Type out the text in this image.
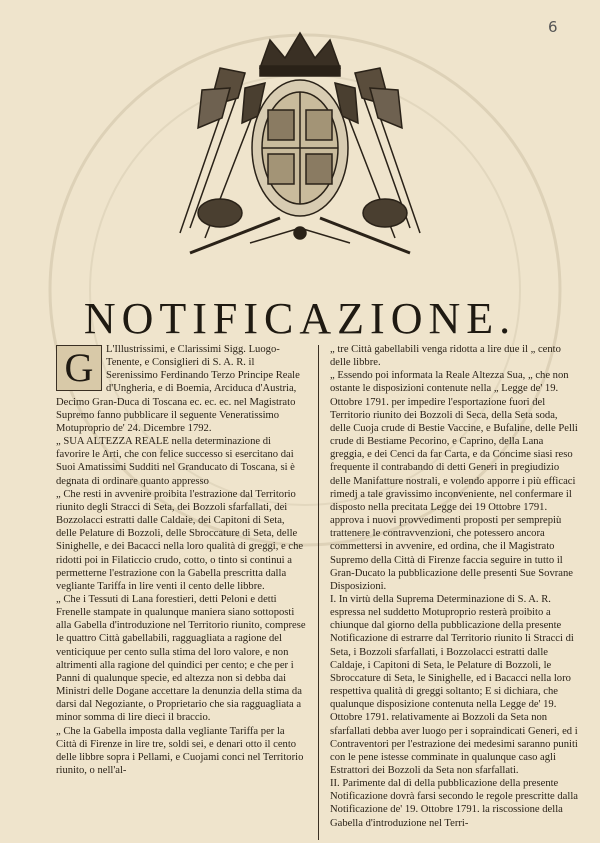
6
NOTIFICAZIONE.

G	L'Illustrissimi, e Clarissimi Sigg. Luogo-Tenente, e Consiglieri di S. A. R. il Serenissimo Ferdinando Terzo Principe Reale d'Ungheria, e di Boemia, Arciduca d'Austria, Decimo Gran-Duca di Toscana ec. ec. ec. nel Magistrato Supremo fanno pubblicare il seguente Veneratissimo Motuproprio de' 24. Dicembre 1792.

„ SUA ALTEZZA REALE nella determinazione di favorire le Arti, che con felice successo si esercitano dai Suoi Amatissimi Sudditi nel Granducato di Toscana, si è degnata di ordinare quanto appresso

„ Che resti in avvenire proibita l'estrazione dal Territorio riunito degli Stracci di Seta, dei Bozzoli sfarfallati, dei Bozzolacci estratti dalle Caldaie, dei Capitoni di Seta, delle Pelature di Bozzoli, delle Sbroccature di Seta, delle Sinighelle, e dei Bacacci nella loro qualità di greggi, e che ridotti poi in Filaticcio crudo, cotto, o tinto si continui a permetterne l'estrazione con la Gabella prescritta dalla vegliante Tariffa in lire venti il cento delle libbre.

„ Che i Tessuti di Lana forestieri, detti Peloni e detti Frenelle stampate in qualunque maniera siano sottoposti alla Gabella d'introduzione nel Territorio riunito, comprese le quattro Città gabellabili, ragguagliata a ragione del venticiquue per cento sulla stima del loro valore, e non altrimenti alla ragione del quindici per cento; e che per i Panni di qualunque specie, ed altezza non si debba dai Ministri delle Dogane accettare la denunzia della stima da darsi dal Negoziante, o Proprietario che sia ragguagliata a minor somma di lire dieci il braccio.

„ Che la Gabella imposta dalla vegliante Tariffa per la Città di Firenze in lire tre, soldi sei, e denari otto il cento delle libbre sopra i Pellami, e Cuojami conci nel Territorio riunito, o nell'al-

„ tre Città gabellabili venga ridotta a lire due il „ cento delle libbre.

„ Essendo poi informata la Reale Altezza Sua, „ che non ostante le disposizioni contenute nella „ Legge de' 19. Ottobre 1791. per impedire l'esportazione fuori del Territorio riunito dei Bozzoli di Seca, della Seta soda, delle Cuoja crude di Bestie Vaccine, e Bufaline, delle Pelli crude di Bestiame Pecorino, e Caprino, della Lana greggia, e dei Cenci da far Carta, e da Concime siasi reso frequente il contrabando di detti Generi in pregiudizio delle Manifatture nostrali, e volendo apporre i più efficaci rimedj a tale gravissimo inconveniente, nel confermare il disposto nella precitata Legge dei 19 Ottobre 1791. approva i nuovi provvedimenti proposti per semprepiù trattenere le contravvenzioni, che potessero ancora commettersi in avvenire, ed ordina, che il Magistrato Supremo della Città di Firenze faccia seguire in tutto il Gran-Ducato la pubblicazione delle presenti Sue Sovrane Disposizioni.

I. In virtù della Suprema Determinazione di S. A. R. espressa nel suddetto Motuproprio resterà proibito a chiunque dal giorno della pubblicazione della presente Notificazione di estrarre dal Territorio riunito li Stracci di Seta, i Bozzoli sfarfallati, i Bozzolacci estratti dalle Caldaje, i Capitoni di Seta, le Pelature di Bozzoli, le Sbroccature di Seta, le Sinighelle, ed i Bacacci nella loro respettiva qualità di greggi soltanto; E si dichiara, che qualunque disposizione contenuta nella Legge de' 19. Ottobre 1791. relativamente ai Bozzoli da Seta non sfarfallati debba aver luogo per i sopraindicati Generi, ed i Contraventori per l'estrazione dei medesimi saranno puniti con le pene istesse comminate in qualunque caso agli Estrattori dei Bozzoli da Seta non sfarfallati.

II. Parimente dal dì della pubblicazione della presente Notificazione dovrà farsi secondo le regole prescritte dalla Notificazione de' 19. Ottobre 1791. la riscossione della Gabella d'introduzione nel Terri-
